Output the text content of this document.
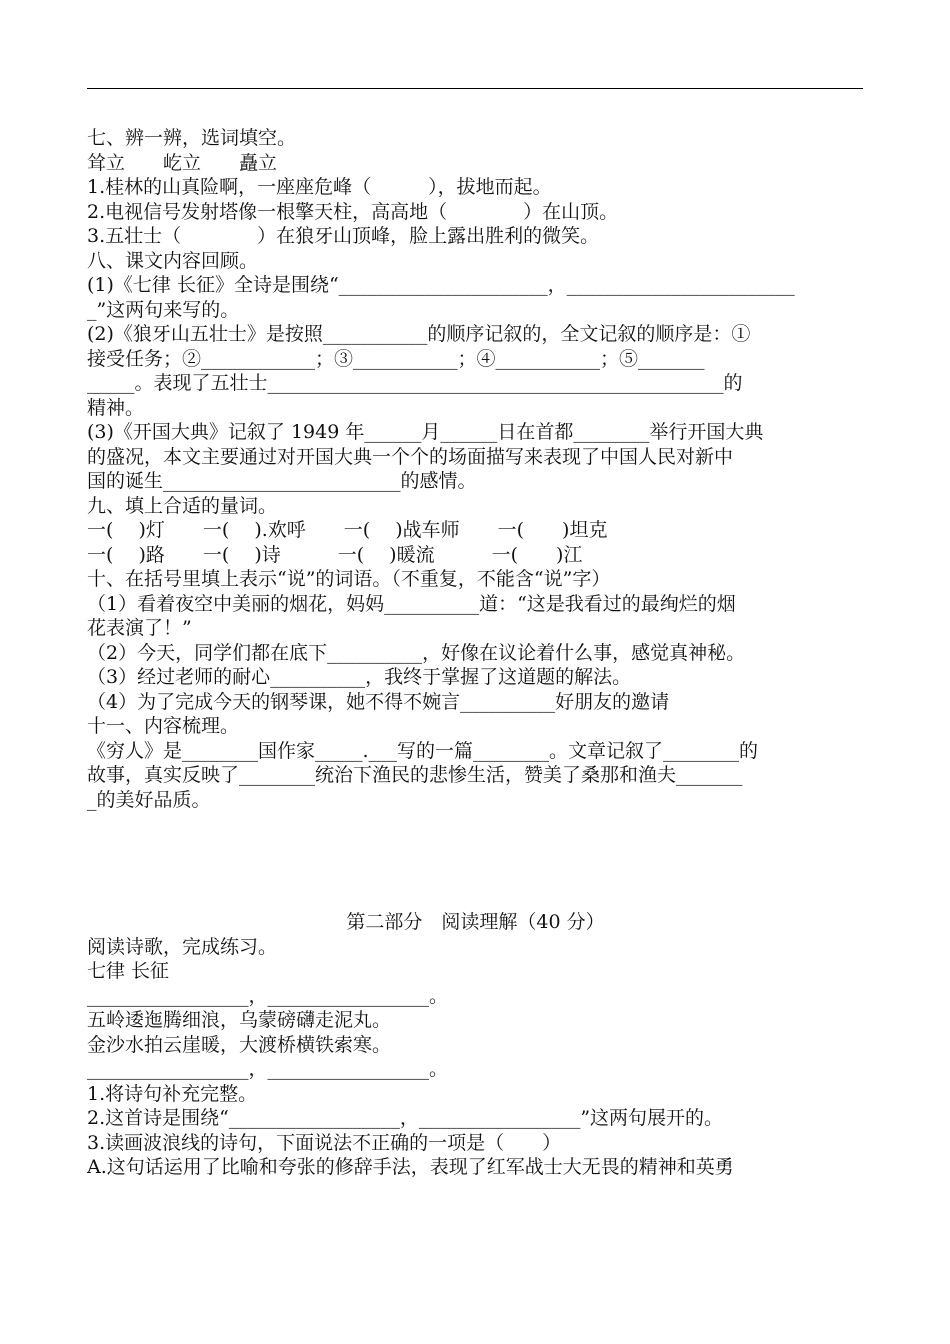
七、辨一辨，选词填空。
耸立　　屹立　　矗立
1.桂林的山真险啊，一座座危峰（　　　），拔地而起。
2.电视信号发射塔像一根擎天柱，高高地（　　　　）在山顶。
3.五壮士（　　　　）在狼牙山顶峰，脸上露出胜利的微笑。
八、课文内容回顾。
(1)《七律 长征》全诗是围绕“______________________，________________________
_”这两句来写的。
(2)《狼牙山五壮士》是按照___________的顺序记叙的，全文记叙的顺序是：①
接受任务；②____________；③___________；④___________；⑤_______
_____。表现了五壮士________________________________________________的
精神。
(3)《开国大典》记叙了 1949 年______月______日在首都________举行开国大典
的盛况，本文主要通过对开国大典一个个的场面描写来表现了中国人民对新中
国的诞生_________________________的感情。
九、填上合适的量词。
一(　 )灯　　一(　 ).欢呼　　一(　 )战车师　　一(　　)坦克
一(　 )路　　一(　 )诗　　　一(　 )暖流　　　一(　　)江
十、在括号里填上表示“说”的词语。（不重复，不能含“说”字）
（1）看着夜空中美丽的烟花，妈妈__________道：“这是我看过的最绚烂的烟
花表演了！”
（2）今天，同学们都在底下__________，好像在议论着什么事，感觉真神秘。
（3）经过老师的耐心__________，我终于掌握了这道题的解法。
（4）为了完成今天的钢琴课，她不得不婉言__________好朋友的邀请
十一、内容梳理。
《穷人》是________国作家_____.___写的一篇________。文章记叙了________的
故事，真实反映了________统治下渔民的悲惨生活，赞美了桑那和渔夫_______
_的美好品质。
第二部分　阅读理解（40 分）
阅读诗歌，完成练习。
七律 长征
_________________，_________________。
五岭逶迤腾细浪，乌蒙磅礴走泥丸。
金沙水拍云崖暖，大渡桥横铁索寒。
_________________，_________________。
1.将诗句补充完整。
2.这首诗是围绕“__________________，_________________”这两句展开的。
3.读画波浪线的诗句，下面说法不正确的一项是（　　）
A.这句话运用了比喻和夸张的修辞手法，表现了红军战士大无畏的精神和英勇
